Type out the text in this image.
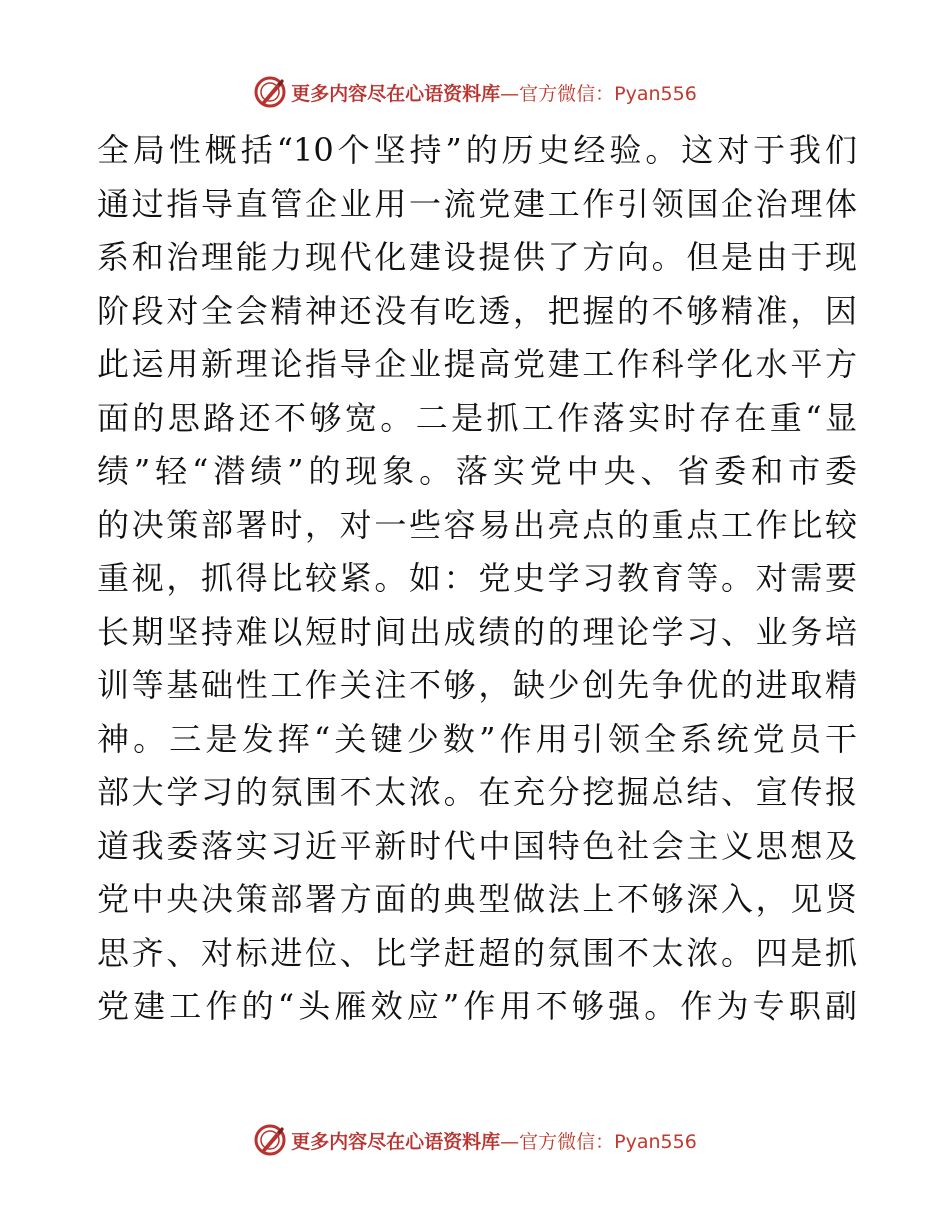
更多内容尽在心语资料库 —官方微信：Pyan556
全局性概括“10个坚持”的历史经验。这对于我们
通过指导直管企业用一流党建工作引领国企治理体
系和治理能力现代化建设提供了方向。但是由于现
阶段对全会精神还没有吃透，把握的不够精准，因
此运用新理论指导企业提高党建工作科学化水平方
面的思路还不够宽。二是抓工作落实时存在重“显
绩”轻“潜绩”的现象。落实党中央、省委和市委
的决策部署时，对一些容易出亮点的重点工作比较
重视，抓得比较紧。如：党史学习教育等。对需要
长期坚持难以短时间出成绩的的理论学习、业务培
训等基础性工作关注不够，缺少创先争优的进取精
神。三是发挥“关键少数”作用引领全系统党员干
部大学习的氛围不太浓。在充分挖掘总结、宣传报
道我委落实习近平新时代中国特色社会主义思想及
党中央决策部署方面的典型做法上不够深入，见贤
思齐、对标进位、比学赶超的氛围不太浓。四是抓
党建工作的“头雁效应”作用不够强。作为专职副
更多内容尽在心语资料库 —官方微信：Pyan556
